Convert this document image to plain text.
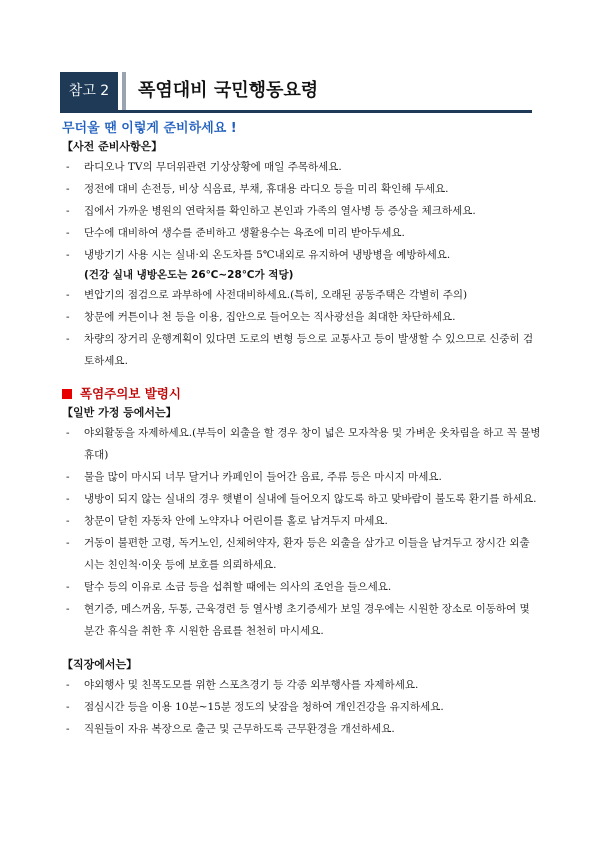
참고 2	폭염대비 국민행동요령
무더울 땐 이렇게 준비하세요 !
【사전 준비사항은】
- 라디오나 TV의 무더위관련 기상상황에 매일 주목하세요.
- 정전에 대비 손전등, 비상 식음료, 부채, 휴대용 라디오 등을 미리 확인해 두세요.
- 집에서 가까운 병원의 연락처를 확인하고 본인과 가족의 열사병 등 증상을 체크하세요.
- 단수에 대비하여 생수를 준비하고 생활용수는 욕조에 미리 받아두세요.
- 냉방기기 사용 시는 실내·외 온도차를 5℃내외로 유지하여 냉방병을 예방하세요.
(건강 실내 냉방온도는 26℃∼28℃가 적당)
- 변압기의 점검으로 과부하에 사전대비하세요.(특히, 오래된 공동주택은 각별히 주의)
- 창문에 커튼이나 천 등을 이용, 집안으로 들어오는 직사광선을 최대한 차단하세요.
- 차량의 장거리 운행계획이 있다면 도로의 변형 등으로 교통사고 등이 발생할 수 있으므로 신중히 검토하세요.
폭염주의보 발령시
【일반 가정 등에서는】
- 야외활동을 자제하세요.(부득이 외출을 할 경우 창이 넓은 모자착용 및 가벼운 옷차림을 하고 꼭 물병 휴대)
- 물을 많이 마시되 너무 달거나 카페인이 들어간 음료, 주류 등은 마시지 마세요.
- 냉방이 되지 않는 실내의 경우 햇볕이 실내에 들어오지 않도록 하고 맞바람이 불도록 환기를 하세요.
- 창문이 닫힌 자동차 안에 노약자나 어린이를 홀로 남겨두지 마세요.
- 거동이 불편한 고령, 독거노인, 신체허약자, 환자 등은 외출을 삼가고 이들을 남겨두고 장시간 외출 시는 친인척·이웃 등에 보호를 의뢰하세요.
- 탈수 등의 이유로 소금 등을 섭취할 때에는 의사의 조언을 들으세요.
- 현기증, 메스꺼움, 두통, 근육경련 등 열사병 초기증세가 보일 경우에는 시원한 장소로 이동하여 몇 분간 휴식을 취한 후 시원한 음료를 천천히 마시세요.
【직장에서는】
- 야외행사 및 친목도모를 위한 스포츠경기 등 각종 외부행사를 자제하세요.
- 점심시간 등을 이용 10분∼15분 정도의 낮잠을 청하여 개인건강을 유지하세요.
- 직원들이 자유 복장으로 출근 및 근무하도록 근무환경을 개선하세요.
